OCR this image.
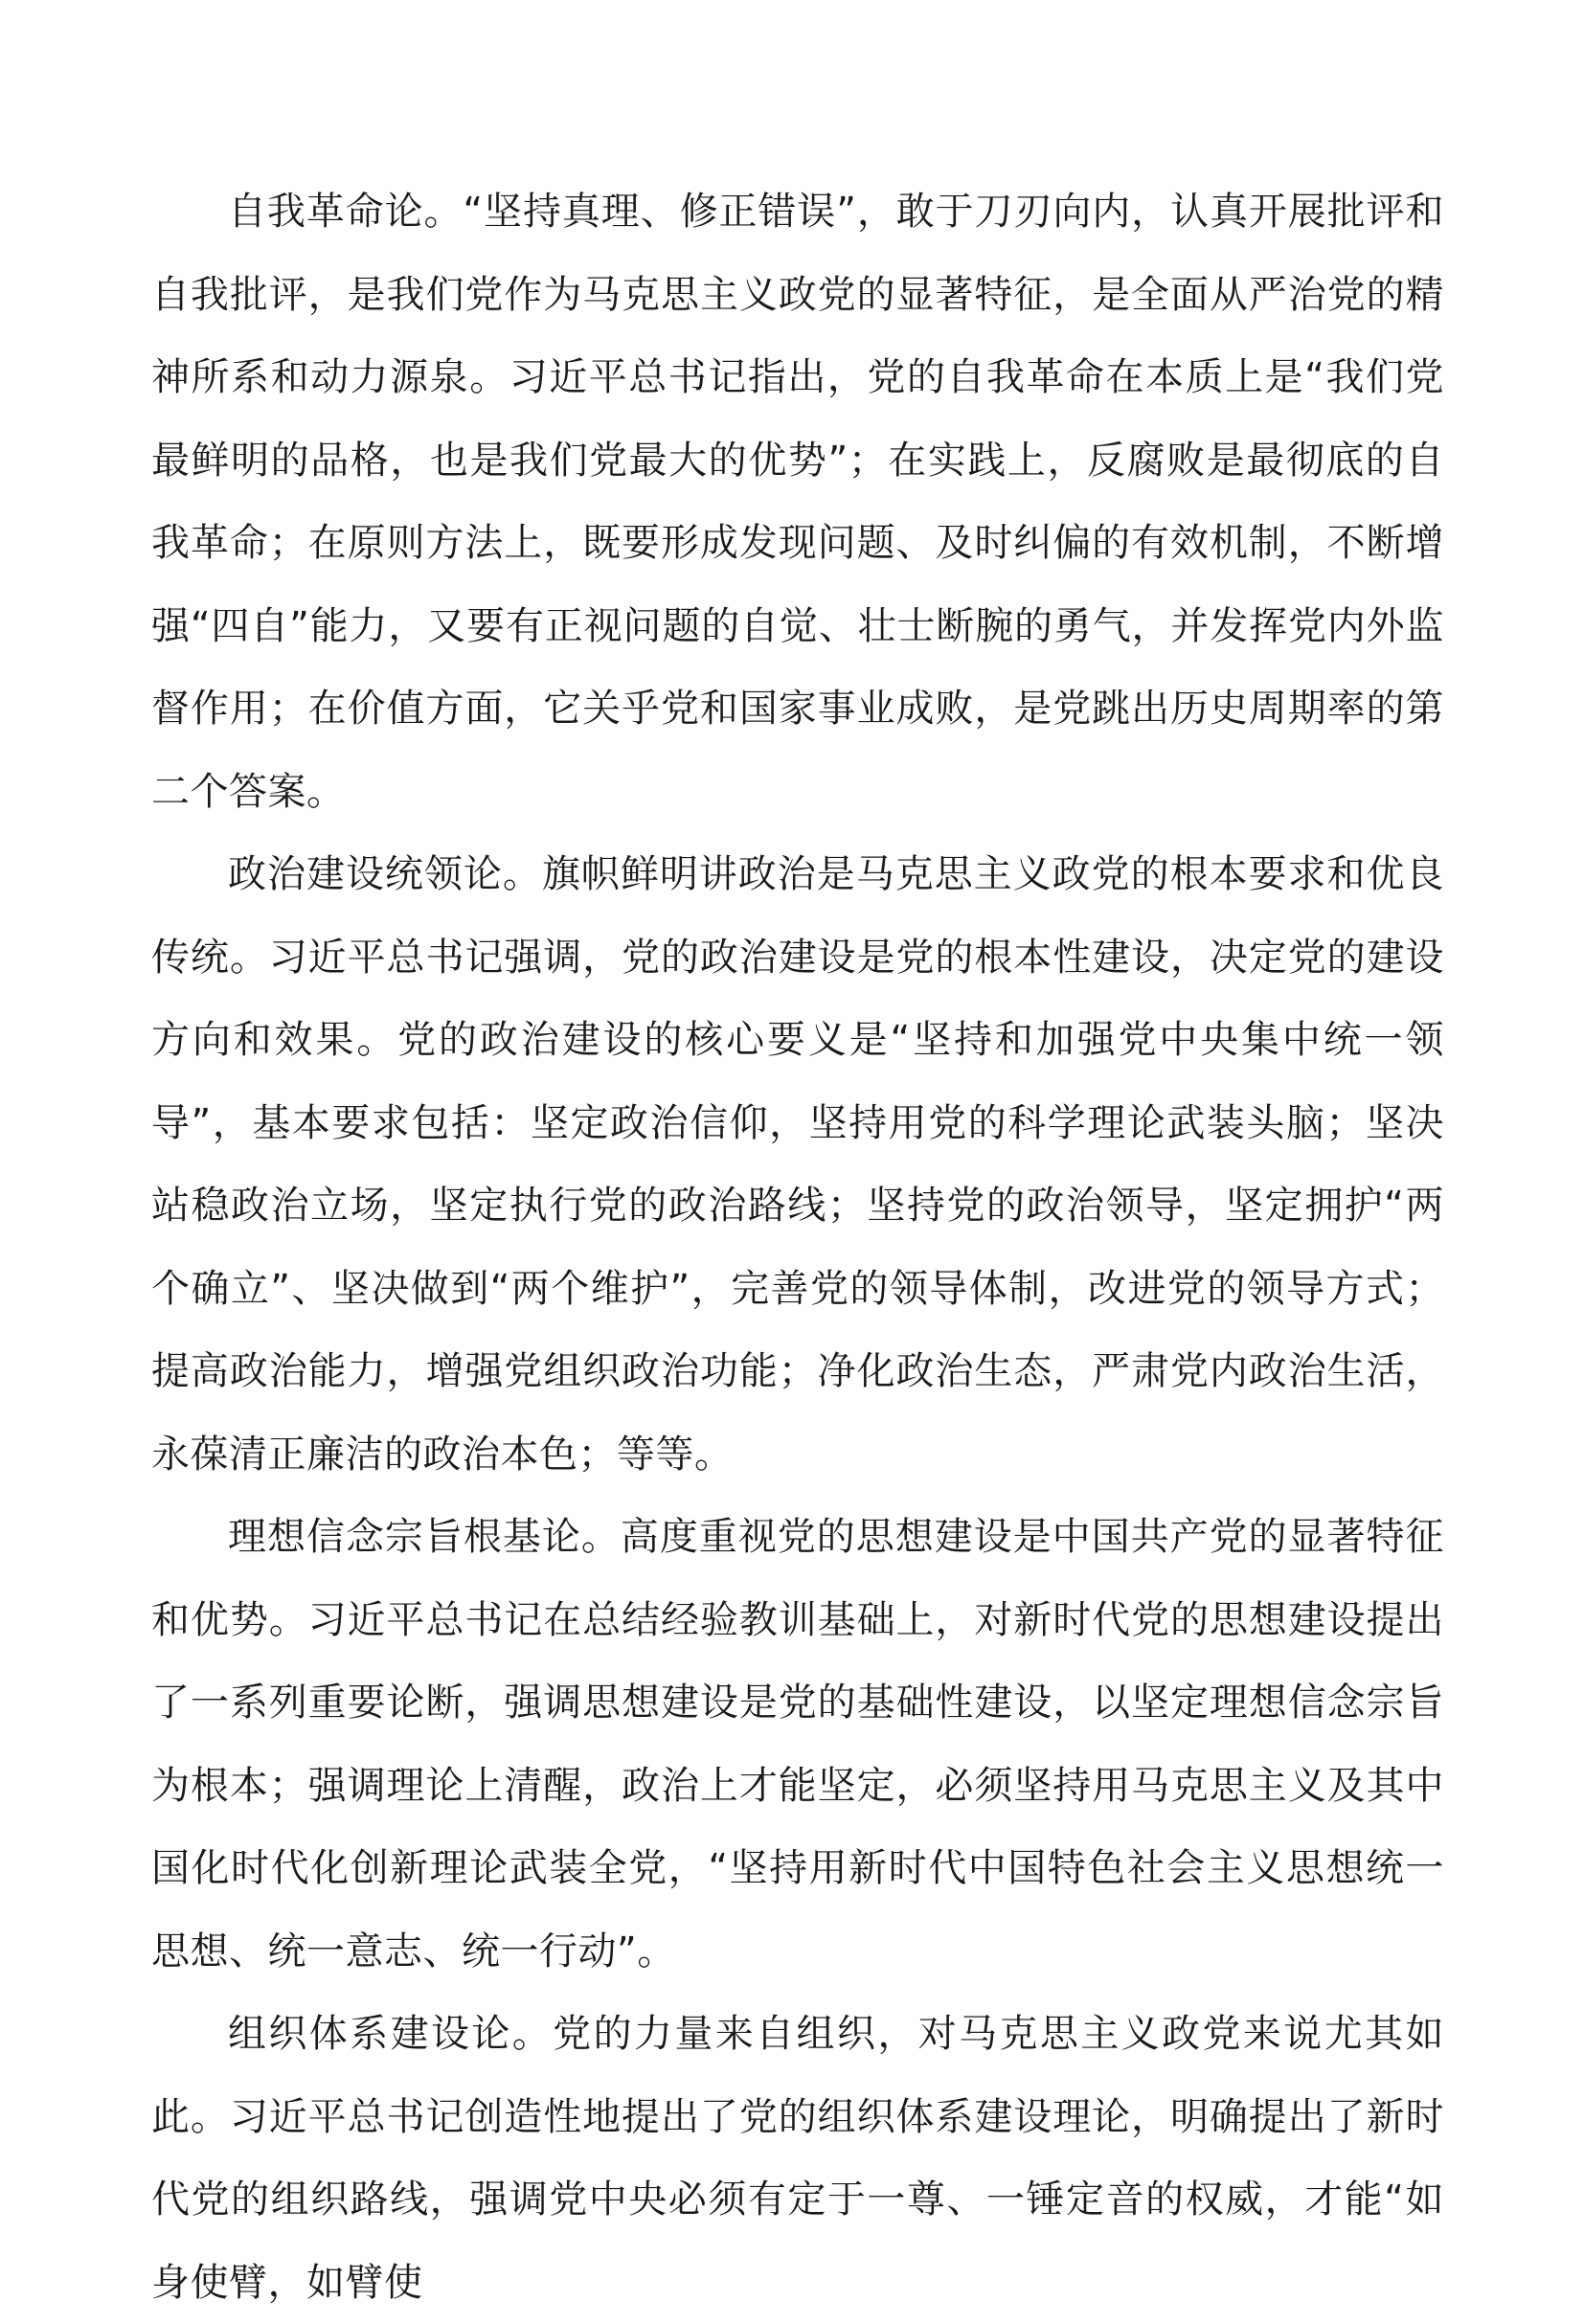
自我革命论。“坚持真理、修正错误”，敢于刀刃向内，认真开展批评和自我批评，是我们党作为马克思主义政党的显著特征，是全面从严治党的精神所系和动力源泉。习近平总书记指出，党的自我革命在本质上是“我们党最鲜明的品格，也是我们党最大的优势”；在实践上，反腐败是最彻底的自我革命；在原则方法上，既要形成发现问题、及时纠偏的有效机制，不断增强“四自”能力，又要有正视问题的自觉、壮士断腕的勇气，并发挥党内外监督作用；在价值方面，它关乎党和国家事业成败，是党跳出历史周期率的第二个答案。

政治建设统领论。旗帜鲜明讲政治是马克思主义政党的根本要求和优良传统。习近平总书记强调，党的政治建设是党的根本性建设，决定党的建设方向和效果。党的政治建设的核心要义是“坚持和加强党中央集中统一领导”，基本要求包括：坚定政治信仰，坚持用党的科学理论武装头脑；坚决站稳政治立场，坚定执行党的政治路线；坚持党的政治领导，坚定拥护“两个确立”、坚决做到“两个维护”，完善党的领导体制，改进党的领导方式；提高政治能力，增强党组织政治功能；净化政治生态，严肃党内政治生活，永葆清正廉洁的政治本色；等等。

理想信念宗旨根基论。高度重视党的思想建设是中国共产党的显著特征和优势。习近平总书记在总结经验教训基础上，对新时代党的思想建设提出了一系列重要论断，强调思想建设是党的基础性建设，以坚定理想信念宗旨为根本；强调理论上清醒，政治上才能坚定，必须坚持用马克思主义及其中国化时代化创新理论武装全党，“坚持用新时代中国特色社会主义思想统一思想、统一意志、统一行动”。

组织体系建设论。党的力量来自组织，对马克思主义政党来说尤其如此。习近平总书记创造性地提出了党的组织体系建设理论，明确提出了新时代党的组织路线，强调党中央必须有定于一尊、一锤定音的权威，才能“如身使臂，如臂使
